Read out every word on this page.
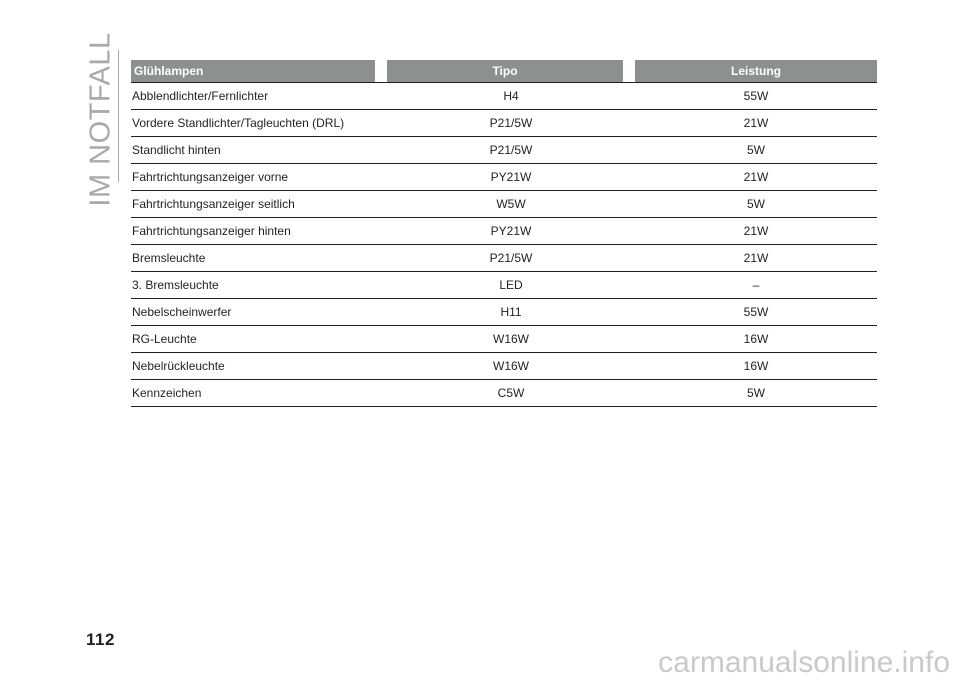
IM NOTFALL Glühlampen	Tipo	Leistung
Abblendlichter/Fernlichter	H4	55W
Vordere Standlichter/Tagleuchten (DRL)	P21/5W	21W
Standlicht hinten	P21/5W	5W
Fahrtrichtungsanzeiger vorne	PY21W	21W
Fahrtrichtungsanzeiger seitlich	W5W	5W
Fahrtrichtungsanzeiger hinten	PY21W	21W
Bremsleuchte	P21/5W	21W
3. Bremsleuchte	LED	–
Nebelscheinwerfer	H11	55W
RG-Leuchte	W16W	16W
Nebelrückleuchte	W16W	16W
Kennzeichen	C5W	5W
112
carmanualsonline.info
